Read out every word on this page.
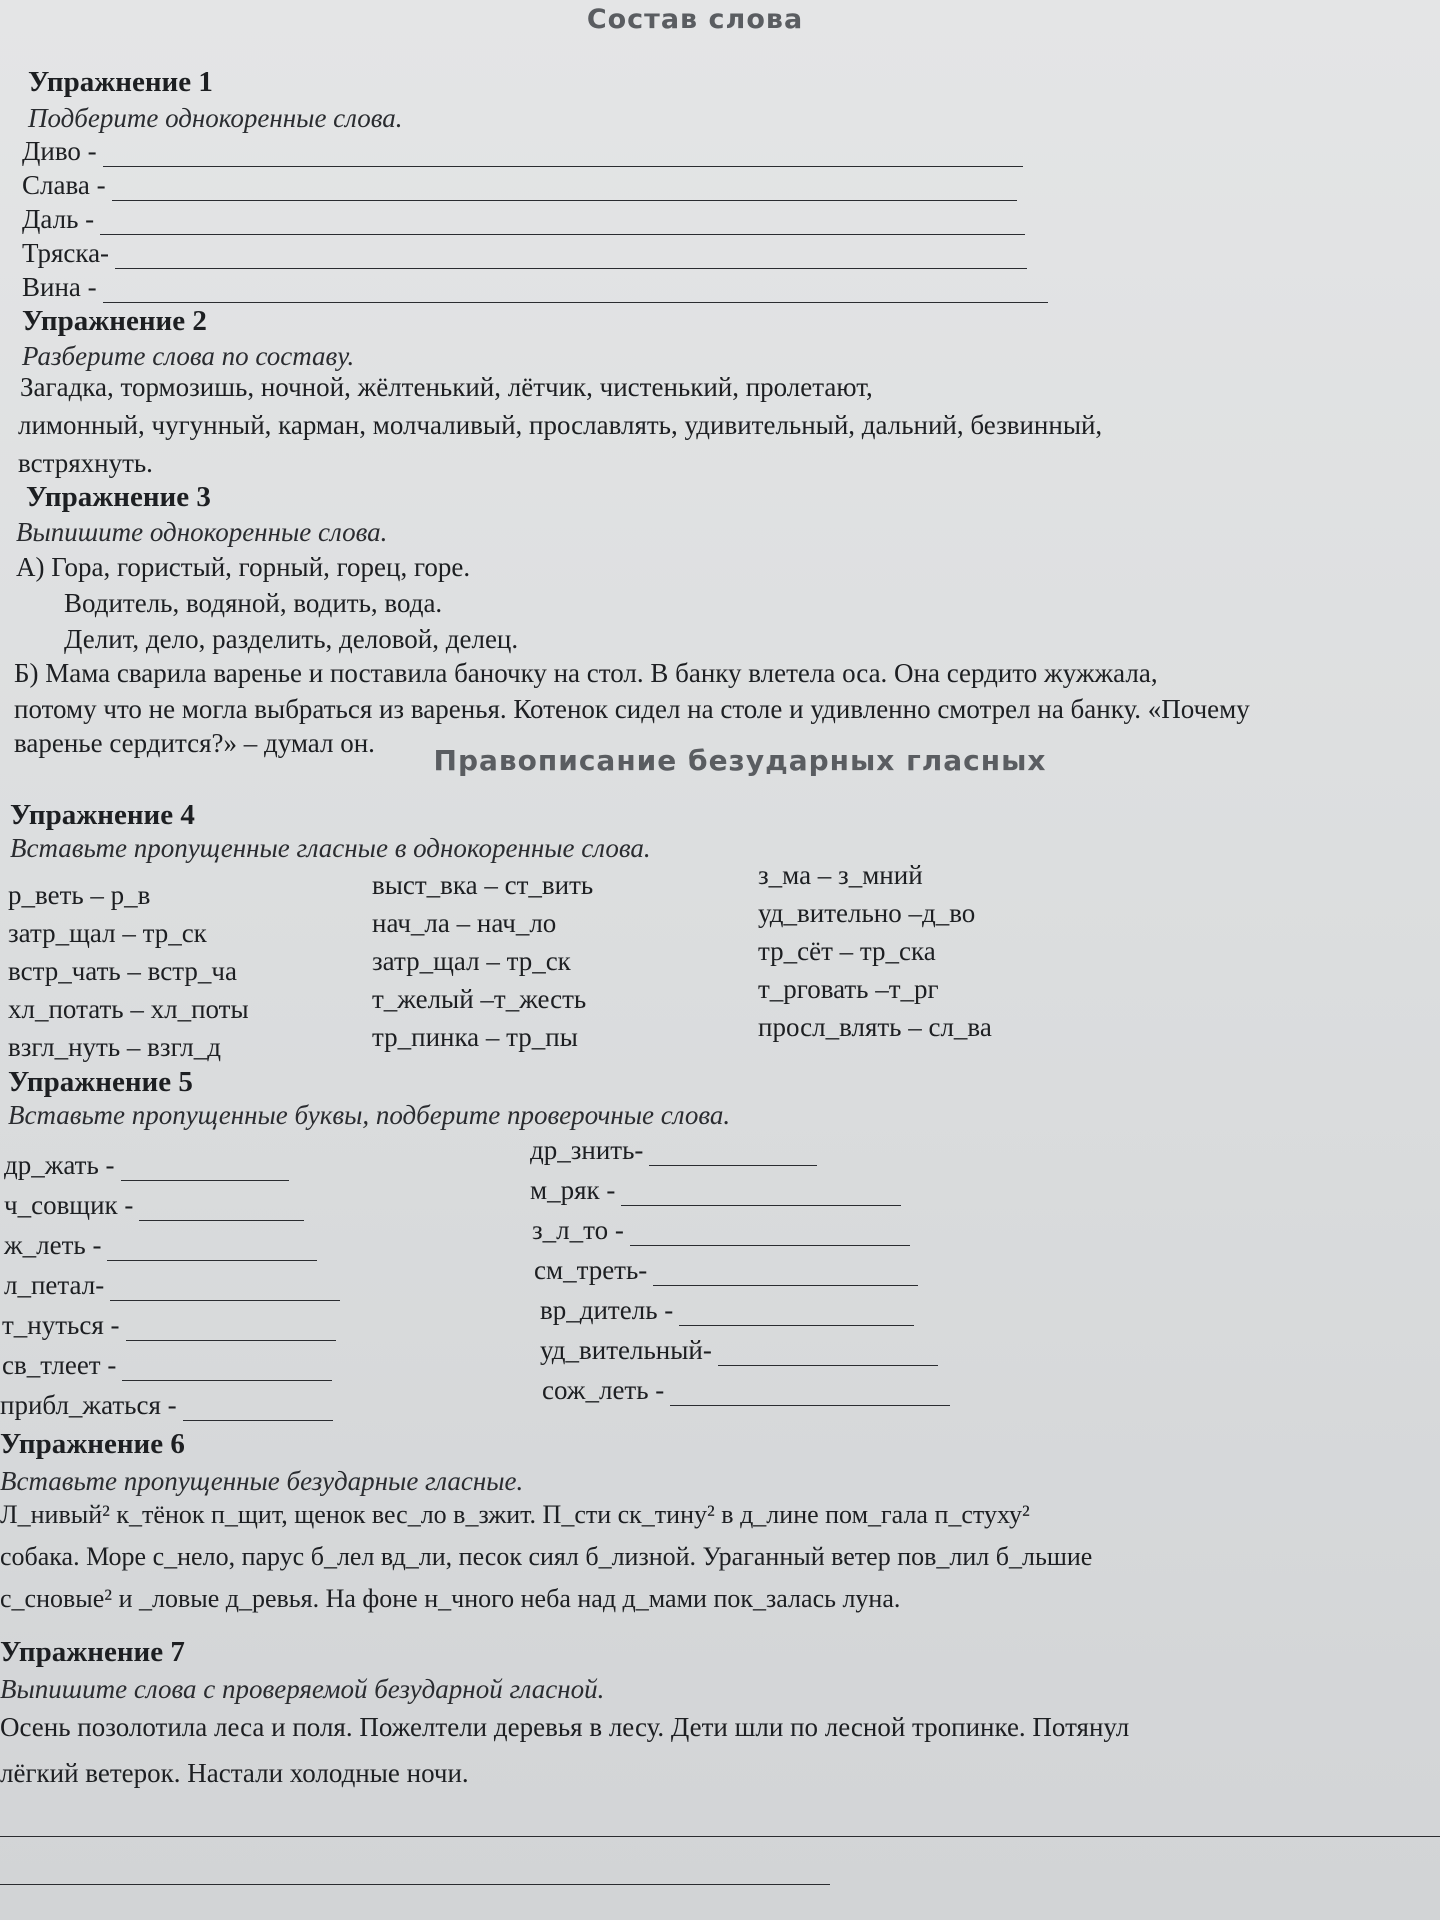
Состав слова
Упражнение 1
Подберите однокоренные слова.
Диво -
Слава -
Даль -
Тряска-
Вина -
Упражнение 2
Разберите слова по составу.
Загадка, тормозишь, ночной, жёлтенький, лётчик, чистенький, пролетают,
лимонный, чугунный, карман, молчаливый, прославлять, удивительный, дальний, безвинный,
встряхнуть.
Упражнение 3
Выпишите однокоренные слова.
А) Гора, гористый, горный, горец, горе.
Водитель, водяной, водить, вода.
Делит, дело, разделить, деловой, делец.
Б) Мама сварила варенье и поставила баночку на стол. В банку влетела оса. Она сердито жужжала,
потому что не могла выбраться из варенья. Котенок сидел на столе и удивленно смотрел на банку. «Почему
варенье сердится?» – думал он.
Правописание безударных гласных
Упражнение 4
Вставьте пропущенные гласные в однокоренные слова.
р_веть – р_в
затр_щал – тр_ск
встр_чать – встр_ча
хл_потать – хл_поты
взгл_нуть – взгл_д
выст_вка – ст_вить
нач_ла – нач_ло
затр_щал – тр_ск
т_желый –т_жесть
тр_пинка – тр_пы
з_ма – з_мний
уд_вительно –д_во
тр_сёт – тр_ска
т_рговать –т_рг
просл_влять – сл_ва
Упражнение 5
Вставьте пропущенные буквы, подберите проверочные слова.
др_жать -
ч_совщик -
ж_леть -
л_петал-
т_нуться -
св_тлеет -
прибл_жаться -
др_знить-
м_ряк -
з_л_то -
см_треть-
вр_дитель -
уд_вительный-
сож_леть -
Упражнение 6
Вставьте пропущенные безударные гласные.
Л_нивый² к_тёнок п_щит, щенок вес_ло в_зжит. П_сти ск_тину² в д_лине пом_гала п_стуху²
собака. Море с_нело, парус б_лел вд_ли, песок сиял б_лизной. Ураганный ветер пов_лил б_льшие
с_сновые² и _ловые д_ревья. На фоне н_чного неба над д_мами пок_залась луна.
Упражнение 7
Выпишите слова с проверяемой безударной гласной.
Осень позолотила леса и поля. Пожелтели деревья в лесу. Дети шли по лесной тропинке. Потянул
лёгкий ветерок. Настали холодные ночи.
